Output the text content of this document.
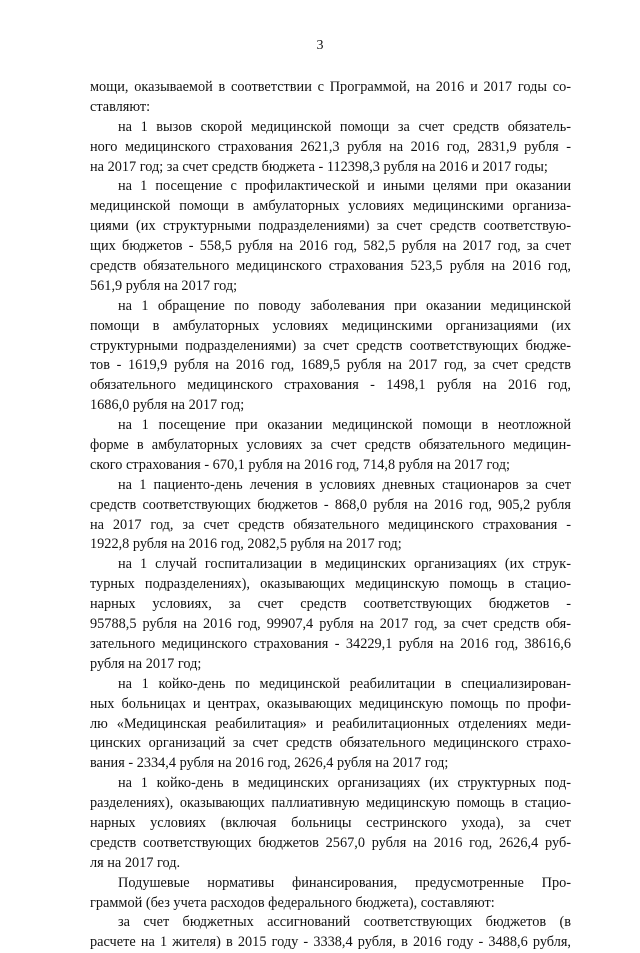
3
мощи, оказываемой в соответствии с Программой, на 2016 и 2017 годы со-
ставляют:
на 1 вызов скорой медицинской помощи за счет средств обязатель-
ного медицинского страхования 2621,3 рубля на 2016 год, 2831,9 рубля -
на 2017 год; за счет средств бюджета - 112398,3 рубля на 2016 и 2017 годы;
на 1 посещение с профилактической и иными целями при оказании
медицинской помощи в амбулаторных условиях медицинскими организа-
циями (их структурными подразделениями) за счет средств соответствую-
щих бюджетов - 558,5 рубля на 2016 год, 582,5 рубля на 2017 год, за счет
средств обязательного медицинского страхования 523,5 рубля на 2016 год,
561,9 рубля на 2017 год;
на 1 обращение по поводу заболевания при оказании медицинской
помощи в амбулаторных условиях медицинскими организациями (их
структурными подразделениями) за счет средств соответствующих бюдже-
тов - 1619,9 рубля на 2016 год, 1689,5 рубля на 2017 год, за счет средств
обязательного медицинского страхования - 1498,1 рубля на 2016 год,
1686,0 рубля на 2017 год;
на 1 посещение при оказании медицинской помощи в неотложной
форме в амбулаторных условиях за счет средств обязательного медицин-
ского страхования - 670,1 рубля на 2016 год, 714,8 рубля на 2017 год;
на 1 пациенто-день лечения в условиях дневных стационаров за счет
средств соответствующих бюджетов - 868,0 рубля на 2016 год, 905,2 рубля
на 2017 год, за счет средств обязательного медицинского страхования -
1922,8 рубля на 2016 год, 2082,5 рубля на 2017 год;
на 1 случай госпитализации в медицинских организациях (их струк-
турных подразделениях), оказывающих медицинскую помощь в стацио-
нарных условиях, за счет средств соответствующих бюджетов -
95788,5 рубля на 2016 год, 99907,4 рубля на 2017 год, за счет средств обя-
зательного медицинского страхования - 34229,1 рубля на 2016 год, 38616,6
рубля на 2017 год;
на 1 койко-день по медицинской реабилитации в специализирован-
ных больницах и центрах, оказывающих медицинскую помощь по профи-
лю «Медицинская реабилитация» и реабилитационных отделениях меди-
цинских организаций за счет средств обязательного медицинского страхо-
вания - 2334,4 рубля на 2016 год, 2626,4 рубля на 2017 год;
на 1 койко-день в медицинских организациях (их структурных под-
разделениях), оказывающих паллиативную медицинскую помощь в стацио-
нарных условиях (включая больницы сестринского ухода), за счет
средств соответствующих бюджетов 2567,0 рубля на 2016 год, 2626,4 руб-
ля на 2017 год.
Подушевые нормативы финансирования, предусмотренные Про-
граммой (без учета расходов федерального бюджета), составляют:
за счет бюджетных ассигнований соответствующих бюджетов (в
расчете на 1 жителя) в 2015 году - 3338,4 рубля, в 2016 году - 3488,6 рубля,
